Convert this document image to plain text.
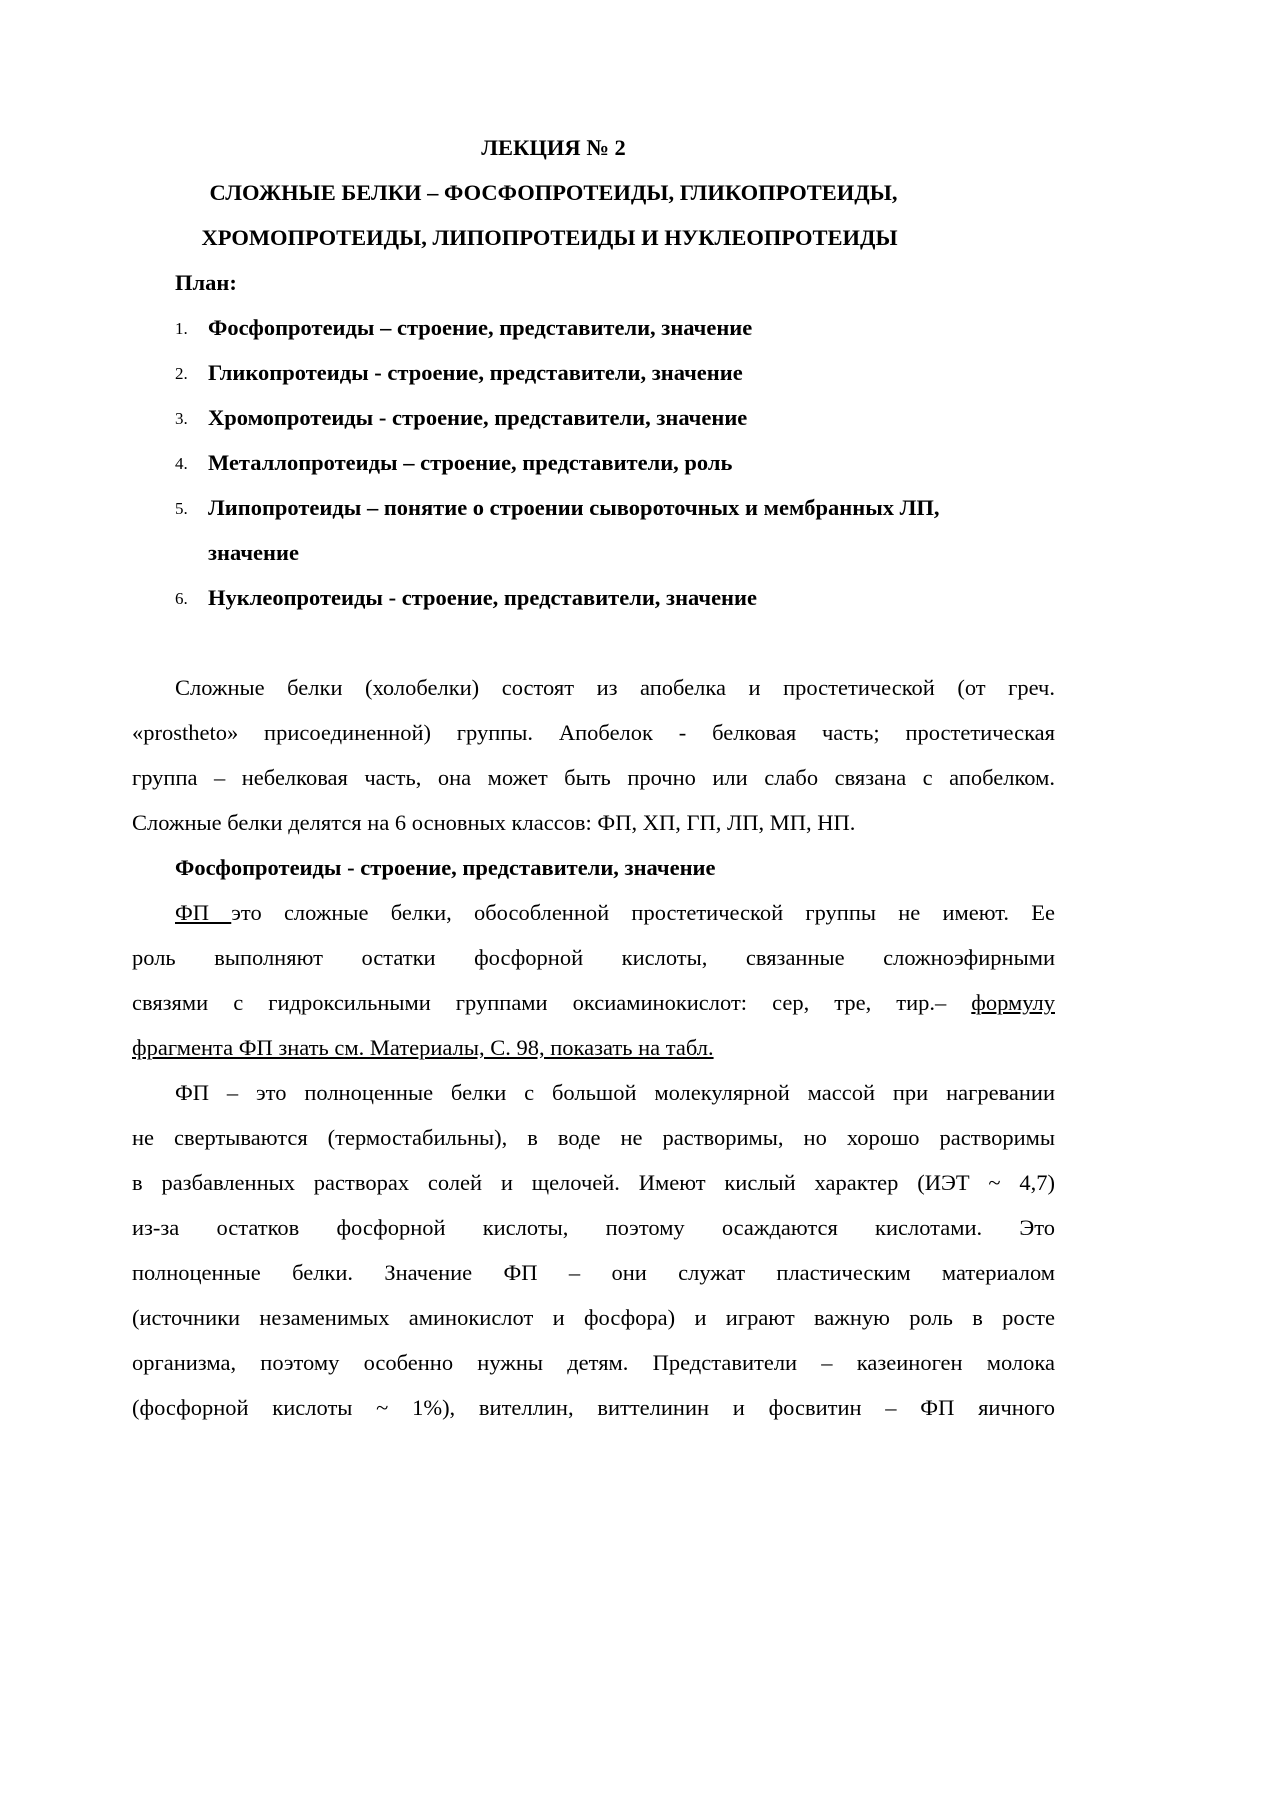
ЛЕКЦИЯ № 2
СЛОЖНЫЕ БЕЛКИ – ФОСФОПРОТЕИДЫ, ГЛИКОПРОТЕИДЫ,
ХРОМОПРОТЕИДЫ, ЛИПОПРОТЕИДЫ И НУКЛЕОПРОТЕИДЫ
План:
1. Фосфопротеиды – строение, представители, значение
2. Гликопротеиды - строение, представители, значение
3. Хромопротеиды - строение, представители, значение
4. Металлопротеиды – строение, представители, роль
5. Липопротеиды – понятие о строении сывороточных и мембранных ЛП,
значение
6. Нуклеопротеиды - строение, представители, значение
Сложные белки (холобелки) состоят из апобелка и простетической (от греч.
«prostheto» присоединенной) группы. Апобелок - белковая часть; простетическая
группа – небелковая часть, она может быть прочно или слабо связана с апобелком.
Сложные белки делятся на 6 основных классов: ФП, ХП, ГП, ЛП, МП, НП.
Фосфопротеиды - строение, представители, значение
ФП это сложные белки, обособленной простетической группы не имеют. Ее
роль выполняют остатки фосфорной кислоты, связанные сложноэфирными
связями с гидроксильными группами оксиаминокислот: сер, тре, тир.– формулу
фрагмента ФП знать см. Материалы, С. 98, показать на табл.
ФП – это полноценные белки с большой молекулярной массой при нагревании
не свертываются (термостабильны), в воде не растворимы, но хорошо растворимы
в разбавленных растворах солей и щелочей. Имеют кислый характер (ИЭТ ~ 4,7)
из-за остатков фосфорной кислоты, поэтому осаждаются кислотами. Это
полноценные белки. Значение ФП – они служат пластическим материалом
(источники незаменимых аминокислот и фосфора) и играют важную роль в росте
организма, поэтому особенно нужны детям. Представители – казеиноген молока
(фосфорной кислоты ~ 1%), вителлин, виттелинин и фосвитин – ФП яичного
